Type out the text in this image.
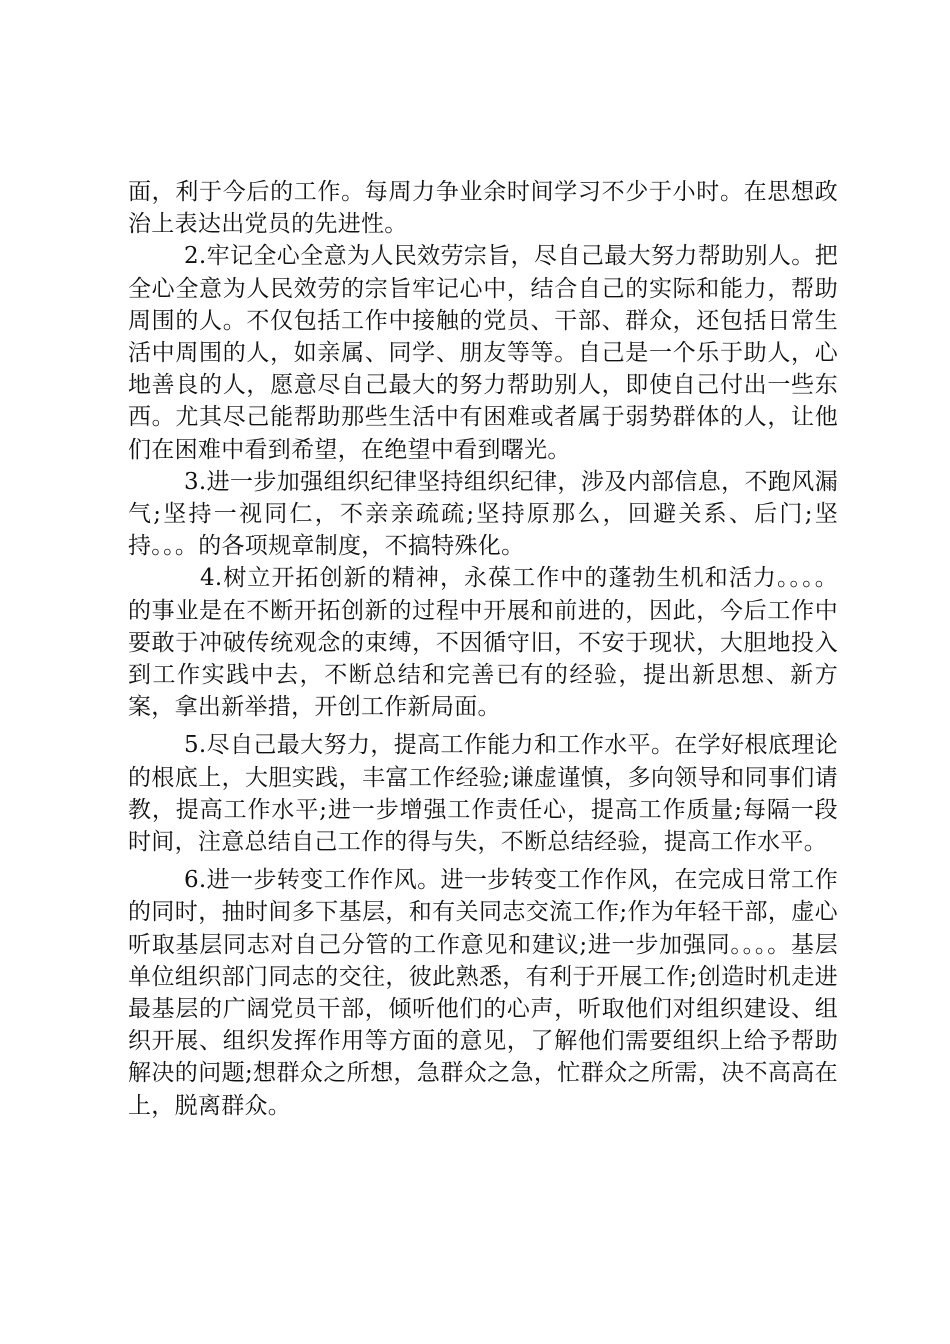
面，利于今后的工作。每周力争业余时间学习不少于小时。在思想政治上表达出党员的先进性。

2.牢记全心全意为人民效劳宗旨，尽自己最大努力帮助别人。把全心全意为人民效劳的宗旨牢记心中，结合自己的实际和能力，帮助周围的人。不仅包括工作中接触的党员、干部、群众，还包括日常生活中周围的人，如亲属、同学、朋友等等。自己是一个乐于助人，心地善良的人，愿意尽自己最大的努力帮助别人，即使自己付出一些东西。尤其尽己能帮助那些生活中有困难或者属于弱势群体的人，让他们在困难中看到希望，在绝望中看到曙光。

3.进一步加强组织纪律坚持组织纪律，涉及内部信息，不跑风漏气;坚持一视同仁，不亲亲疏疏;坚持原那么，回避关系、后门;坚持。。。的各项规章制度，不搞特殊化。

4.树立开拓创新的精神，永葆工作中的蓬勃生机和活力。。。。的事业是在不断开拓创新的过程中开展和前进的，因此，今后工作中要敢于冲破传统观念的束缚，不因循守旧，不安于现状，大胆地投入到工作实践中去，不断总结和完善已有的经验，提出新思想、新方案，拿出新举措，开创工作新局面。

5.尽自己最大努力，提高工作能力和工作水平。在学好根底理论的根底上，大胆实践，丰富工作经验;谦虚谨慎，多向领导和同事们请教，提高工作水平;进一步增强工作责任心，提高工作质量;每隔一段时间，注意总结自己工作的得与失，不断总结经验，提高工作水平。

6.进一步转变工作作风。进一步转变工作作风，在完成日常工作的同时，抽时间多下基层，和有关同志交流工作;作为年轻干部，虚心听取基层同志对自己分管的工作意见和建议;进一步加强同。。。。基层单位组织部门同志的交往，彼此熟悉，有利于开展工作;创造时机走进最基层的广阔党员干部，倾听他们的心声，听取他们对组织建设、组织开展、组织发挥作用等方面的意见，了解他们需要组织上给予帮助解决的问题;想群众之所想，急群众之急，忙群众之所需，决不高高在上，脱离群众。
